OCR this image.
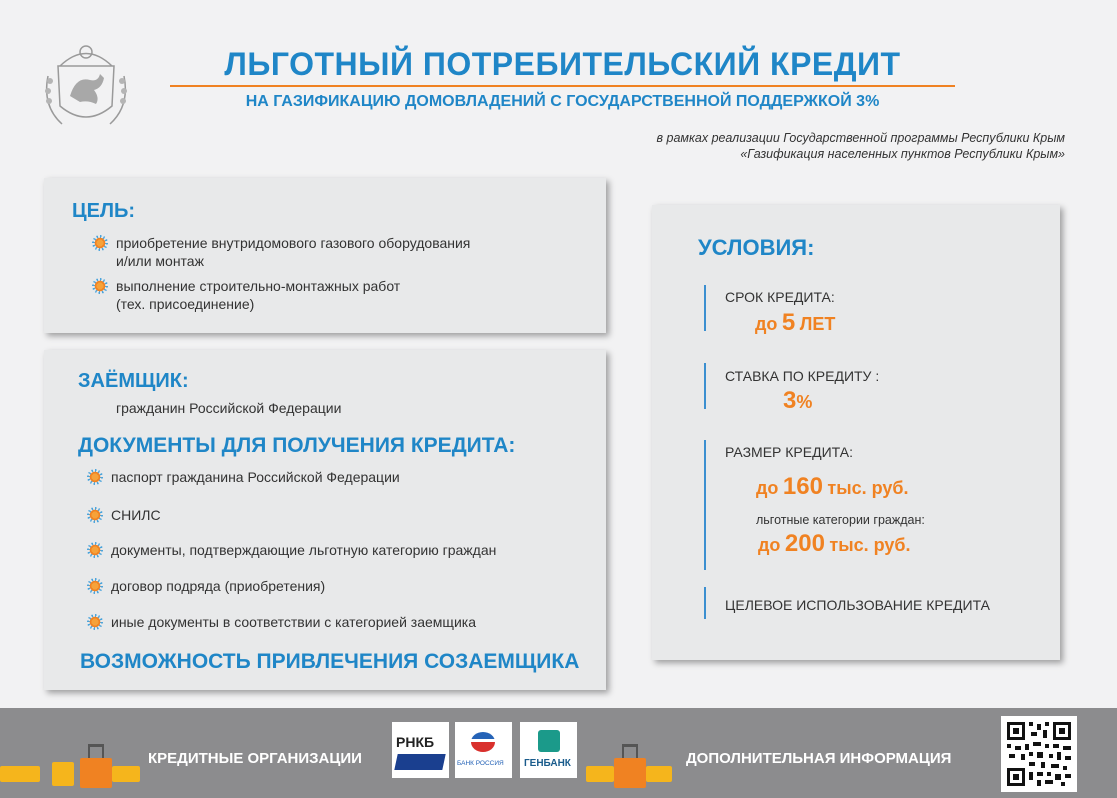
ЛЬГОТНЫЙ ПОТРЕБИТЕЛЬСКИЙ КРЕДИТ
НА ГАЗИФИКАЦИЮ ДОМОВЛАДЕНИЙ С ГОСУДАРСТВЕННОЙ ПОДДЕРЖКОЙ 3%
в рамках реализации Государственной программы Республики Крым
«Газификация населенных пунктов Республики Крым»
ЦЕЛЬ:
приобретение внутридомового газового оборудования
и/или монтаж
выполнение строительно-монтажных работ
(тех. присоединение)
ЗАЁМЩИК:
гражданин Российской Федерации
ДОКУМЕНТЫ ДЛЯ ПОЛУЧЕНИЯ КРЕДИТА:
паспорт гражданина Российской Федерации
СНИЛС
документы, подтверждающие льготную категорию граждан
договор подряда (приобретения)
иные документы в соответствии с категорией заемщика
ВОЗМОЖНОСТЬ ПРИВЛЕЧЕНИЯ СОЗАЕМЩИКА
УСЛОВИЯ:
СРОК КРЕДИТА:
до 5 ЛЕТ
СТАВКА ПО КРЕДИТУ :
3%
РАЗМЕР КРЕДИТА:
до 160 тыс. руб.
льготные категории граждан:
до 200 тыс. руб.
ЦЕЛЕВОЕ ИСПОЛЬЗОВАНИЕ КРЕДИТА
КРЕДИТНЫЕ ОРГАНИЗАЦИИ
РНКБ
БАНК РОССИЯ ГЕНБАНК	ДОПОЛНИТЕЛЬНАЯ ИНФОРМАЦИЯ
